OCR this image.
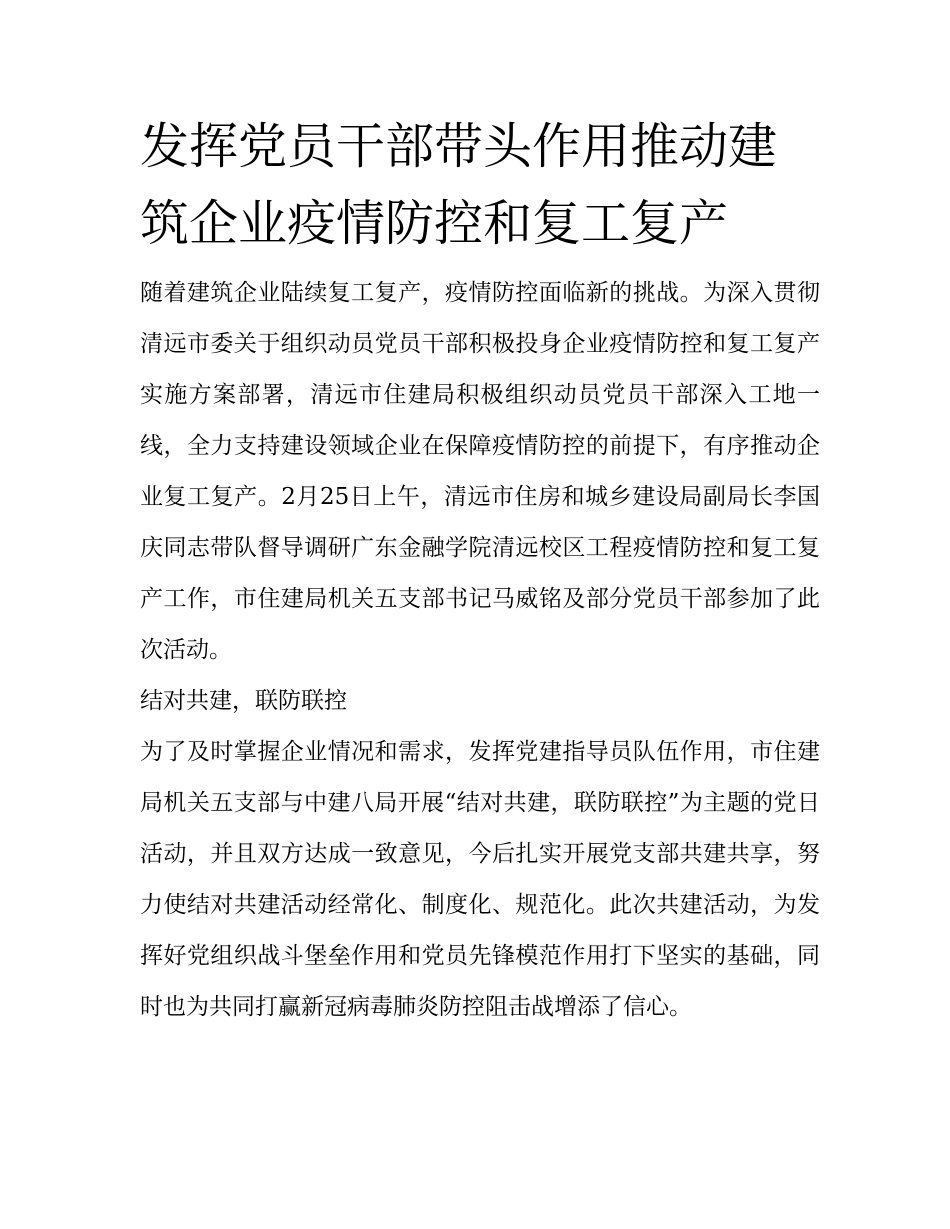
发挥党员干部带头作用推动建筑企业疫情防控和复工复产

随着建筑企业陆续复工复产，疫情防控面临新的挑战。为深入贯彻清远市委关于组织动员党员干部积极投身企业疫情防控和复工复产实施方案部署，清远市住建局积极组织动员党员干部深入工地一线，全力支持建设领域企业在保障疫情防控的前提下，有序推动企业复工复产。2月25日上午，清远市住房和城乡建设局副局长李国庆同志带队督导调研广东金融学院清远校区工程疫情防控和复工复产工作，市住建局机关五支部书记马威铭及部分党员干部参加了此次活动。

结对共建，联防联控

为了及时掌握企业情况和需求，发挥党建指导员队伍作用，市住建局机关五支部与中建八局开展“结对共建，联防联控”为主题的党日活动，并且双方达成一致意见，今后扎实开展党支部共建共享，努力使结对共建活动经常化、制度化、规范化。此次共建活动，为发挥好党组织战斗堡垒作用和党员先锋模范作用打下坚实的基础，同时也为共同打赢新冠病毒肺炎防控阻击战增添了信心。
